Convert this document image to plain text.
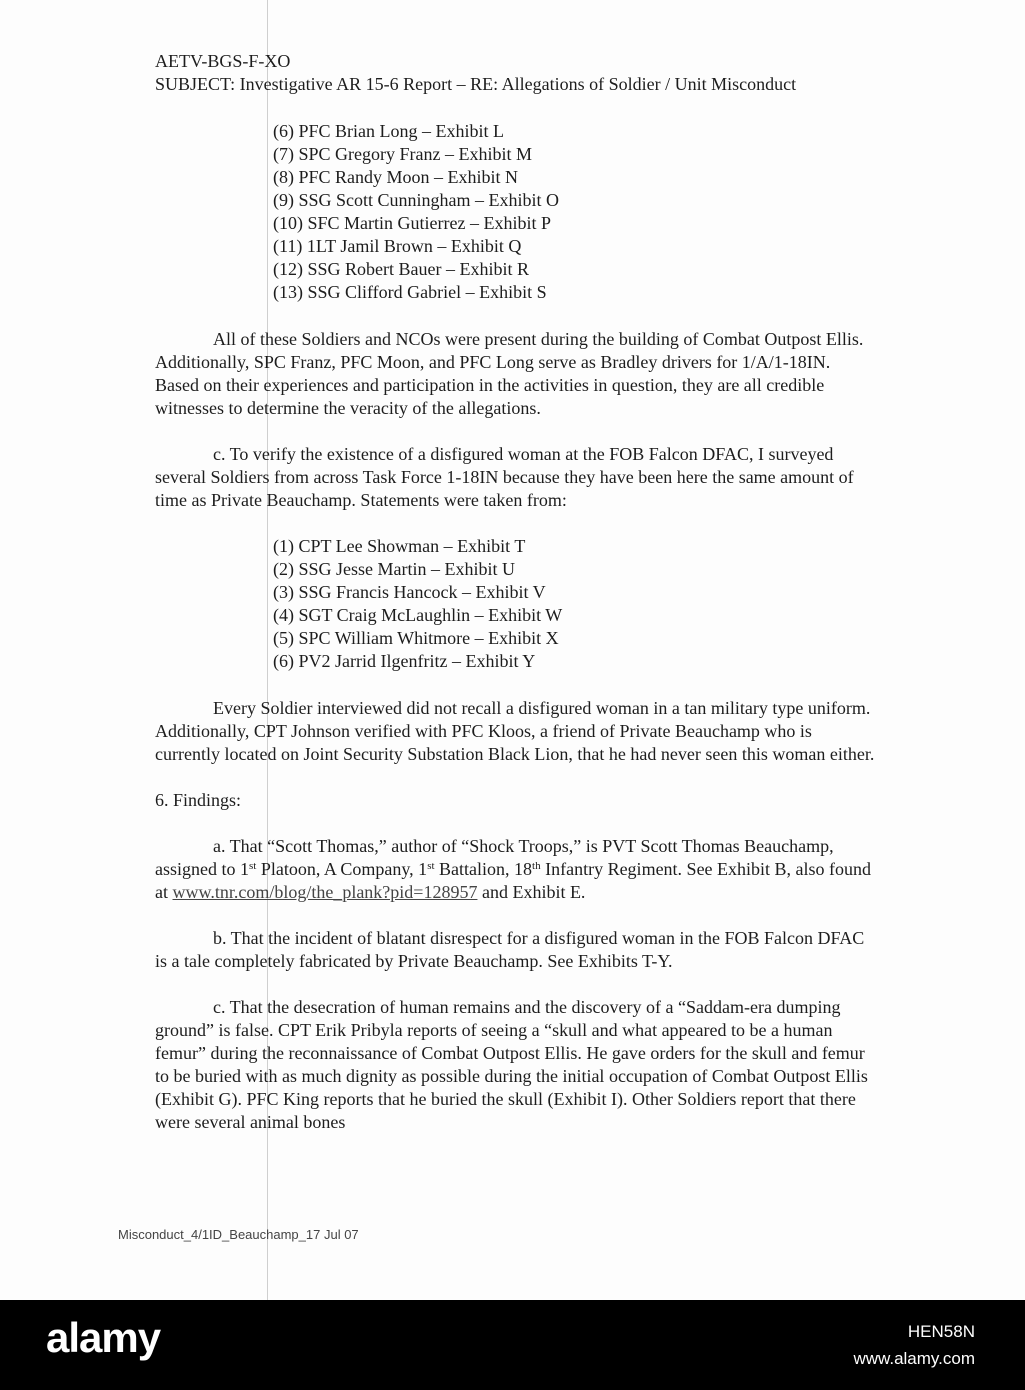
AETV-BGS-F-XO

SUBJECT: Investigative AR 15-6 Report – RE: Allegations of Soldier / Unit Misconduct

(6) PFC Brian Long – Exhibit L
(7) SPC Gregory Franz – Exhibit M
(8) PFC Randy Moon – Exhibit N
(9) SSG Scott Cunningham – Exhibit O
(10) SFC Martin Gutierrez – Exhibit P
(11) 1LT Jamil Brown – Exhibit Q
(12) SSG Robert Bauer – Exhibit R
(13) SSG Clifford Gabriel – Exhibit S

All of these Soldiers and NCOs were present during the building of Combat Outpost Ellis. Additionally, SPC Franz, PFC Moon, and PFC Long serve as Bradley drivers for 1/A/1-18IN. Based on their experiences and participation in the activities in question, they are all credible witnesses to determine the veracity of the allegations.

c. To verify the existence of a disfigured woman at the FOB Falcon DFAC, I surveyed several Soldiers from across Task Force 1-18IN because they have been here the same amount of time as Private Beauchamp. Statements were taken from:

(1) CPT Lee Showman – Exhibit T
(2) SSG Jesse Martin – Exhibit U
(3) SSG Francis Hancock – Exhibit V
(4) SGT Craig McLaughlin – Exhibit W
(5) SPC William Whitmore – Exhibit X
(6) PV2 Jarrid Ilgenfritz – Exhibit Y

Every Soldier interviewed did not recall a disfigured woman in a tan military type uniform. Additionally, CPT Johnson verified with PFC Kloos, a friend of Private Beauchamp who is currently located on Joint Security Substation Black Lion, that he had never seen this woman either.

6. Findings:

a. That “Scott Thomas,” author of “Shock Troops,” is PVT Scott Thomas Beauchamp, assigned to 1st Platoon, A Company, 1st Battalion, 18th Infantry Regiment. See Exhibit B, also found at www.tnr.com/blog/the_plank?pid=128957 and Exhibit E.

b. That the incident of blatant disrespect for a disfigured woman in the FOB Falcon DFAC is a tale completely fabricated by Private Beauchamp. See Exhibits T-Y.

c. That the desecration of human remains and the discovery of a “Saddam-era dumping ground” is false. CPT Erik Pribyla reports of seeing a “skull and what appeared to be a human femur” during the reconnaissance of Combat Outpost Ellis. He gave orders for the skull and femur to be buried with as much dignity as possible during the initial occupation of Combat Outpost Ellis (Exhibit G). PFC King reports that he buried the skull (Exhibit I). Other Soldiers report that there were several animal bones

Misconduct_4/1ID_Beauchamp_17 Jul 07
alamy	HEN58N
www.alamy.com
